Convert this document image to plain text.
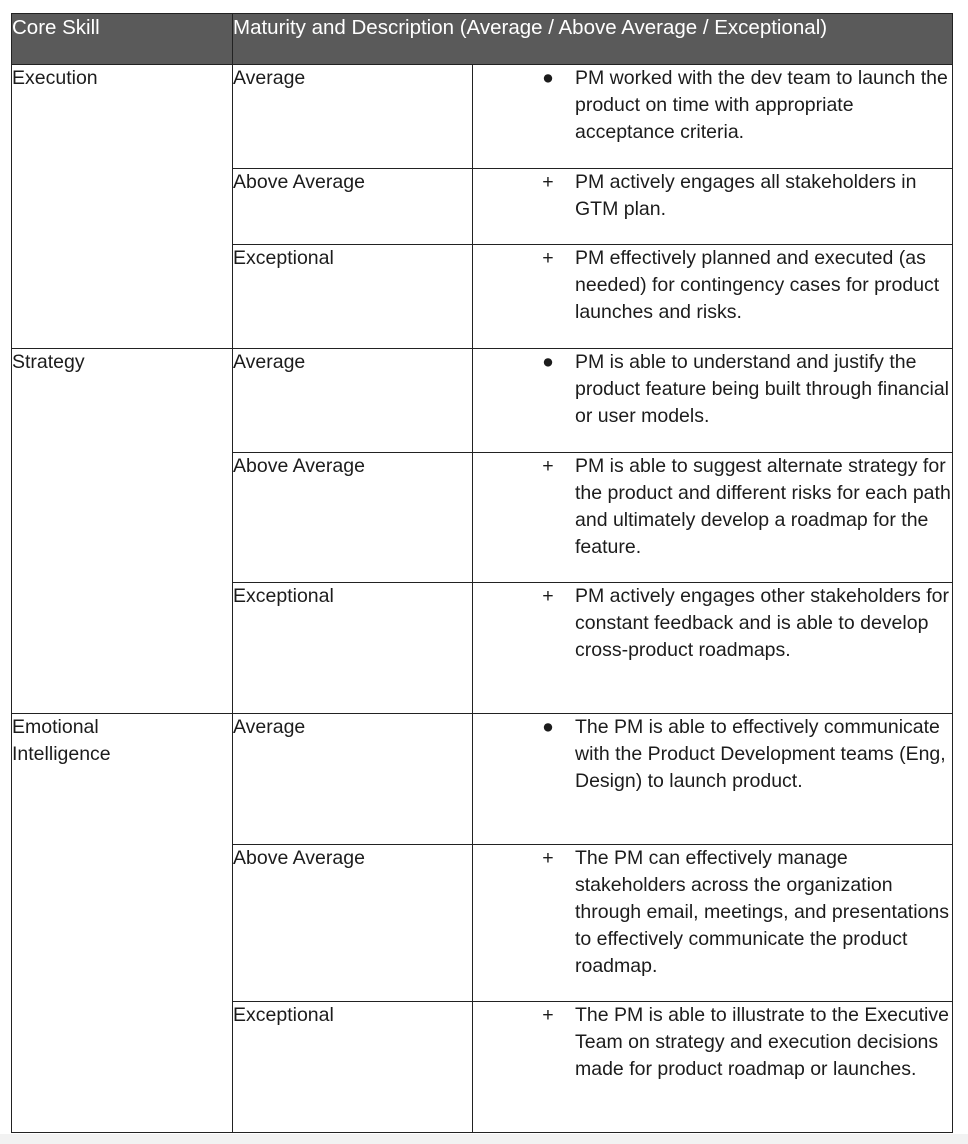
Core Skill	Maturity and Description (Average / Above Average / Exceptional)	
Execution	Average	● PM worked with the dev team to launch the product on time with appropriate acceptance criteria.

	Above Average	+ PM actively engages all stakeholders in GTM plan.

	Exceptional	+ PM effectively planned and executed (as needed) for contingency cases for product launches and risks.

Strategy	Average	● PM is able to understand and justify the product feature being built through financial or user models.

	Above Average	+ PM is able to suggest alternate strategy for the product and different risks for each path and ultimately develop a roadmap for the feature.

	Exceptional	+ PM actively engages other stakeholders for constant feedback and is able to develop cross-product roadmaps.

Emotional Intelligence	Average	● The PM is able to effectively communicate with the Product Development teams (Eng, Design) to launch product.

	Above Average	+ The PM can effectively manage stakeholders across the organization through email, meetings, and presentations to effectively communicate the product roadmap.

	Exceptional	+ The PM is able to illustrate to the Executive Team on strategy and execution decisions made for product roadmap or launches.
